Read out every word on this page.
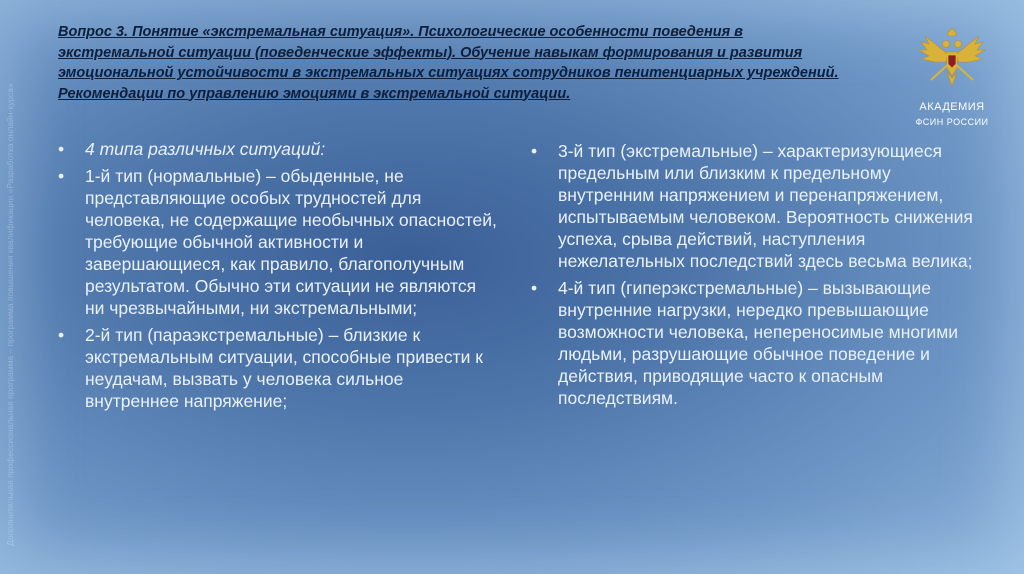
Дополнительная профессиональная программа – программа повышения квалификации «Разработка онлайн-курса»

Вопрос 3. Понятие «экстремальная ситуация». Психологические особенности поведения в экстремальной ситуации (поведенческие эффекты). Обучение навыкам формирования и развития эмоциональной устойчивости в экстремальных ситуациях сотрудников пенитенциарных учреждений. Рекомендации по управлению эмоциями в экстремальной ситуации.

АКАДЕМИЯ
ФСИН РОССИИ
• 4 типа различных ситуаций:
• 1-й тип (нормальные) – обыденные, не представляющие особых трудностей для человека, не содержащие необычных опасностей, требующие обычной активности и завершающиеся, как правило, благополучным результатом. Обычно эти ситуации не являются ни чрезвычайными, ни экстремальными;
• 2-й тип (параэкстремальные) – близкие к экстремальным ситуации, способные привести к неудачам, вызвать у человека сильное внутреннее напряжение;
• 3-й тип (экстремальные) – характеризующиеся предельным или близким к предельному внутренним напряжением и перенапряжением, испытываемым человеком. Вероятность снижения успеха, срыва действий, наступления нежелательных последствий здесь весьма велика;
• 4-й тип (гиперэкстремальные) – вызывающие внутренние нагрузки, нередко превышающие возможности человека, непереносимые многими людьми, разрушающие обычное поведение и действия, приводящие часто к опасным последствиям.
